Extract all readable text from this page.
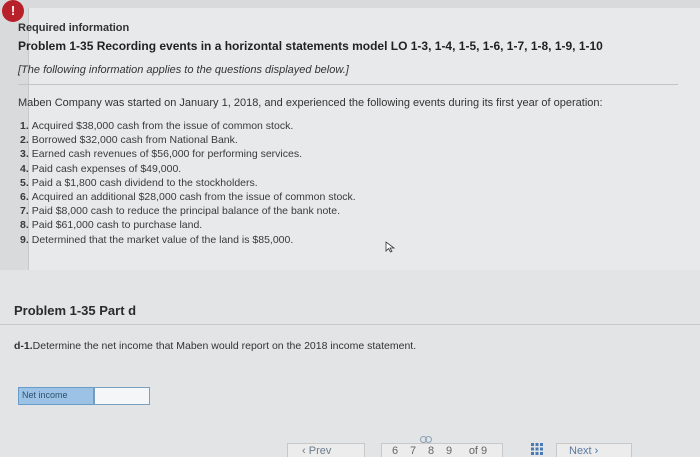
!
Required information
Problem 1-35 Recording events in a horizontal statements model LO 1-3, 1-4, 1-5, 1-6, 1-7, 1-8, 1-9, 1-10
[The following information applies to the questions displayed below.]
Maben Company was started on January 1, 2018, and experienced the following events during its first year of operation:
1. Acquired $38,000 cash from the issue of common stock.
2. Borrowed $32,000 cash from National Bank.
3. Earned cash revenues of $56,000 for performing services.
4. Paid cash expenses of $49,000.
5. Paid a $1,800 cash dividend to the stockholders.
6. Acquired an additional $28,000 cash from the issue of common stock.
7. Paid $8,000 cash to reduce the principal balance of the bank note.
8. Paid $61,000 cash to purchase land.
9. Determined that the market value of the land is $85,000.
Problem 1-35 Part d
d-1.Determine the net income that Maben would report on the 2018 income statement.
Net income
‹ Prev	6	7	8	9	of 9	Next ›
